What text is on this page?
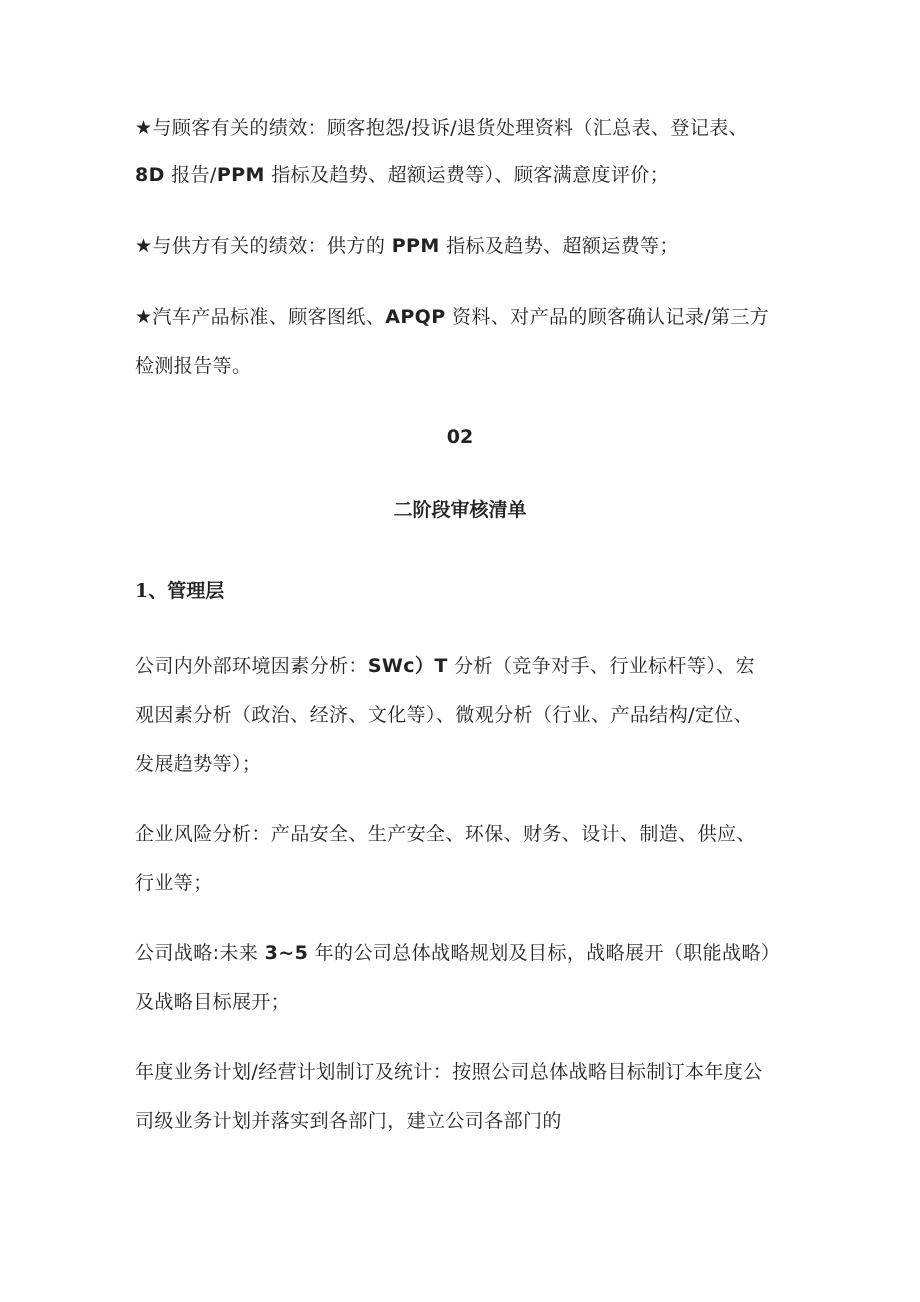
★与顾客有关的绩效：顾客抱怨/投诉/退货处理资料（汇总表、登记表、
8D 报告/PPM 指标及趋势、超额运费等）、顾客满意度评价；
★与供方有关的绩效：供方的 PPM 指标及趋势、超额运费等；
★汽车产品标准、顾客图纸、APQP 资料、对产品的顾客确认记录/第三方
检测报告等。
02
二阶段审核清单
1、管理层
公司内外部环境因素分析：SWc）T 分析（竞争对手、行业标杆等）、宏
观因素分析（政治、经济、文化等）、微观分析（行业、产品结构/定位、
发展趋势等）；
企业风险分析：产品安全、生产安全、环保、财务、设计、制造、供应、
行业等；
公司战略:未来 3~5 年的公司总体战略规划及目标，战略展开（职能战略）
及战略目标展开；
年度业务计划/经营计划制订及统计：按照公司总体战略目标制订本年度公
司级业务计划并落实到各部门，建立公司各部门的
